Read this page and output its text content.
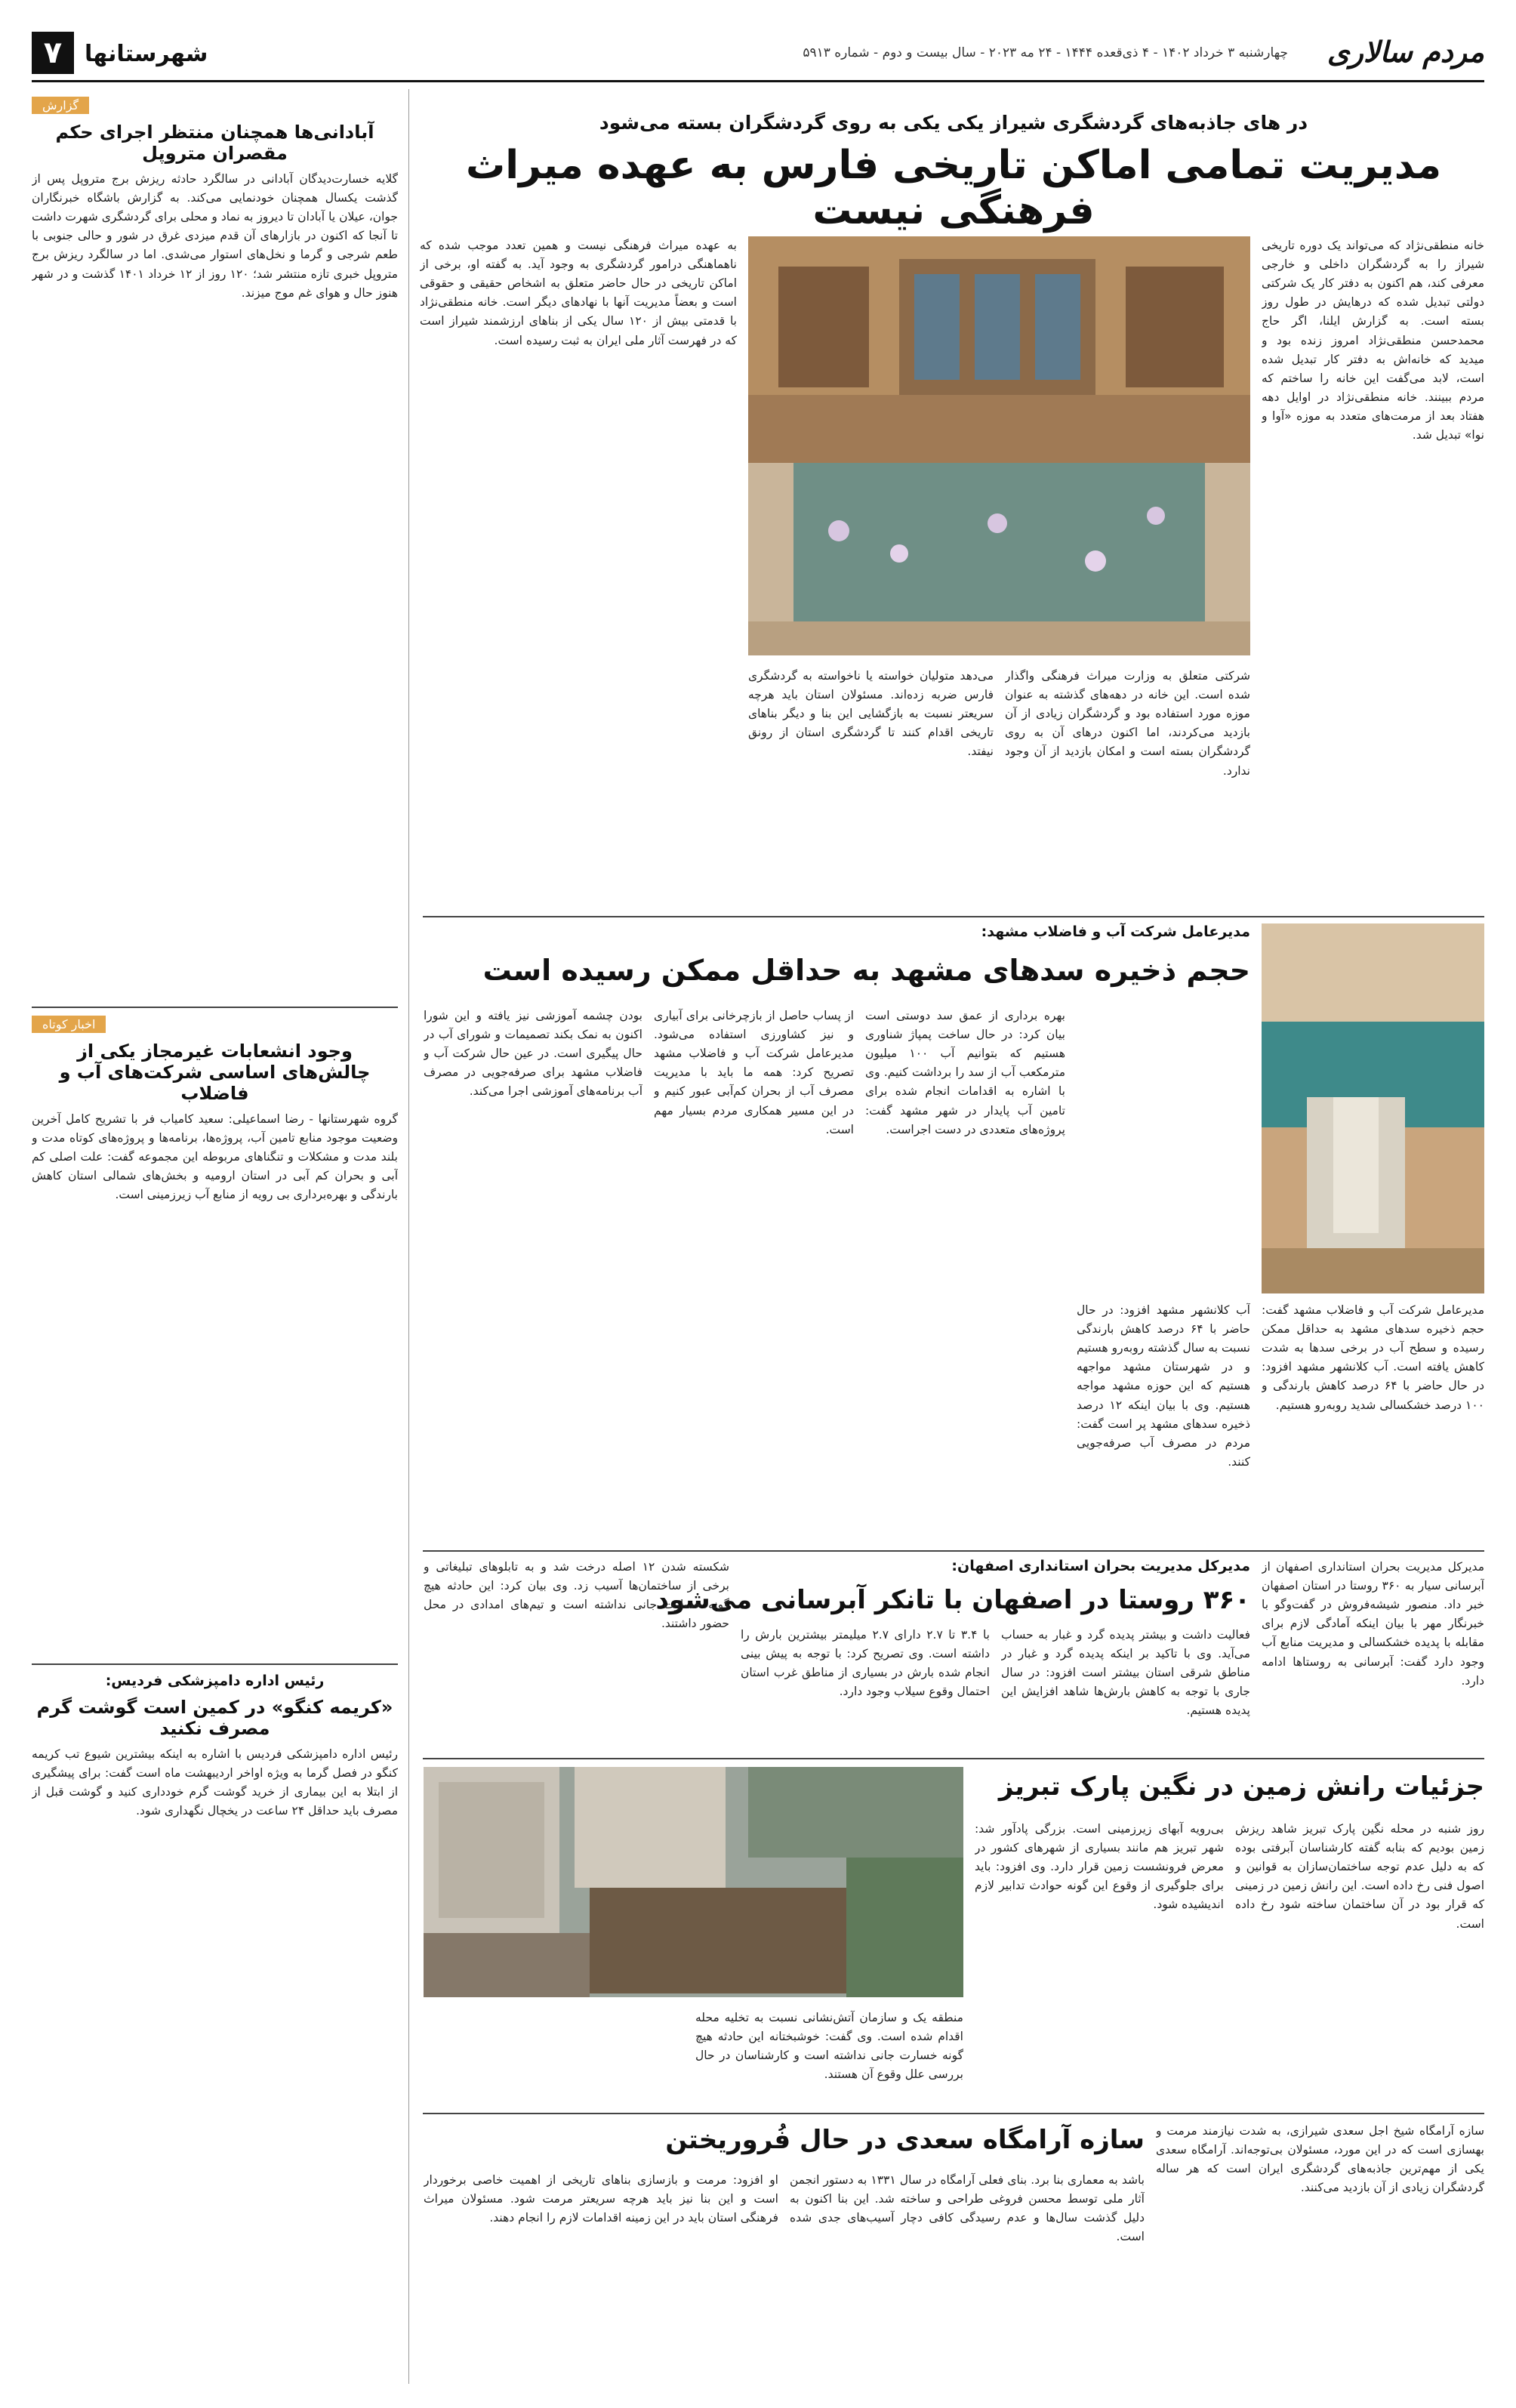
مردم سالاری
چهارشنبه ۳ خرداد ۱۴۰۲ - ۴ ذی‌قعده ۱۴۴۴ - ۲۴ مه ۲۰۲۳ - سال بیست و دوم - شماره ۵۹۱۳
شهرستانها
۷
گزارش
آبادانی‌ها همچنان منتظر اجرای حکم مقصران متروپل
گلایه خسارت‌دیدگان آبادانی در سالگرد حادثه ریزش برج متروپل پس از گذشت یکسال همچنان خودنمایی می‌کند. به گزارش باشگاه خبرنگاران جوان، عیلان یا آبادان تا دیروز به نماد و محلی برای گردشگری شهرت داشت تا آنجا که اکنون در بازارهای آن قدم میزدی غرق در شور و حالی جنوبی با طعم شرجی و گرما و نخل‌های استوار می‌شدی. اما در سالگرد ریزش برج متروپل خبری تازه منتشر شد؛ ۱۲۰ روز از ۱۲ خرداد ۱۴۰۱ گذشت و در شهر هنوز حال و هوای غم موج میزند.
اخبار کوتاه
وجود انشعابات غیرمجاز یکی از چالش‌های اساسی شرکت‌های آب و فاضلاب
گروه شهرستانها - رضا اسماعیلی: سعید کامیاب فر با تشریح کامل آخرین وضعیت موجود منابع تامین آب، پروژه‌ها، برنامه‌ها و پروژه‌های کوتاه مدت و بلند مدت و مشکلات و تنگناهای مربوطه این مجموعه گفت: علت اصلی کم آبی و بحران کم آبی در استان ارومیه و بخش‌های شمالی استان کاهش بارندگی و بهره‌برداری بی رویه از منابع آب زیرزمینی است.
رئیس اداره دامپزشکی فردیس:
«کریمه کنگو» در کمین است گوشت گرم مصرف نکنید
رئیس اداره دامپزشکی فردیس با اشاره به اینکه بیشترین شیوع تب کریمه کنگو در فصل گرما به ویژه اواخر اردیبهشت ماه است گفت: برای پیشگیری از ابتلا به این بیماری از خرید گوشت گرم خودداری کنید و گوشت قبل از مصرف باید حداقل ۲۴ ساعت در یخچال نگهداری شود.
در های جاذبه‌های گردشگری شیراز یکی یکی به روی گردشگران بسته می‌شود
مدیریت تمامی اماکن تاریخی فارس به عهده میراث فرهنگی نیست
خانه منطقی‌نژاد که می‌تواند یک دوره تاریخی شیراز را به گردشگران داخلی و خارجی معرفی کند، هم اکنون به دفتر کار یک شرکتی دولتی تبدیل شده که درهایش در طول روز بسته است. به گزارش ایلنا، اگر حاج محمدحسن منطقی‌نژاد امروز زنده بود و میدید که خانه‌اش به دفتر کار تبدیل شده است، لابد می‌گفت این خانه را ساختم که مردم ببینند. خانه منطقی‌نژاد در اوایل دهه هفتاد بعد از مرمت‌های متعدد به موزه «آوا و نوا» تبدیل شد.
به عهده میراث فرهنگی نیست و همین تعدد موجب شده که ناهماهنگی درامور گردشگری به وجود آید. به گفته او، برخی از اماکن تاریخی در حال حاضر متعلق به اشخاص حقیقی و حقوقی است و بعضاً مدیریت آنها با نهادهای دیگر است. خانه منطقی‌نژاد با قدمتی بیش از ۱۲۰ سال یکی از بناهای ارزشمند شیراز است که در فهرست آثار ملی ایران به ثبت رسیده است.
شرکتی متعلق به وزارت میراث فرهنگی واگذار شده است. این خانه در دهه‌های گذشته به عنوان موزه مورد استفاده بود و گردشگران زیادی از آن بازدید می‌کردند، اما اکنون درهای آن به روی گردشگران بسته است و امکان بازدید از آن وجود ندارد.
می‌دهد متولیان خواسته یا ناخواسته به گردشگری فارس ضربه زده‌اند. مسئولان استان باید هرچه سریعتر نسبت به بازگشایی این بنا و دیگر بناهای تاریخی اقدام کنند تا گردشگری استان از رونق نیفتد.
مدیرعامل شرکت آب و فاضلاب مشهد:
حجم ذخیره سدهای مشهد به حداقل ممکن رسیده است
مدیرعامل شرکت آب و فاضلاب مشهد گفت: حجم ذخیره سدهای مشهد به حداقل ممکن رسیده و سطح آب در برخی سدها به شدت کاهش یافته است. آب کلانشهر مشهد افزود: در حال حاضر با ۶۴ درصد کاهش بارندگی و ۱۰۰ درصد خشکسالی شدید روبه‌رو هستیم.
آب کلانشهر مشهد افزود: در حال حاضر با ۶۴ درصد کاهش بارندگی نسبت به سال گذشته روبه‌رو هستیم و در شهرستان مشهد مواجهه هستیم که این حوزه مشهد مواجه هستیم. وی با بیان اینکه ۱۲ درصد ذخیره سدهای مشهد پر است گفت: مردم در مصرف آب صرفه‌جویی کنند.
بهره برداری از عمق سد دوستی است بیان کرد: در حال ساخت پمپاژ شناوری هستیم که بتوانیم آب ۱۰۰ میلیون مترمکعب آب از سد را برداشت کنیم. وی با اشاره به اقدامات انجام شده برای تامین آب پایدار در شهر مشهد گفت: پروژه‌های متعددی در دست اجراست.
از پساب حاصل از بازچرخانی برای آبیاری و نیز کشاورزی استفاده می‌شود. مدیرعامل شرکت آب و فاضلاب مشهد تصریح کرد: همه ما باید با مدیریت مصرف آب از بحران کم‌آبی عبور کنیم و در این مسیر همکاری مردم بسیار مهم است.
بودن چشمه آموزشی نیز یافته و این شورا اکنون به نمک بکند تصمیمات و شورای آب در حال پیگیری است. در عین حال شرکت آب و فاضلاب مشهد برای صرفه‌جویی در مصرف آب برنامه‌های آموزشی اجرا می‌کند.
مدیرکل مدیریت بحران استانداری اصفهان:
۳۶۰ روستا در اصفهان با تانکر آبرسانی می‌شود
مدیرکل مدیریت بحران استانداری اصفهان از آبرسانی سیار به ۳۶۰ روستا در استان اصفهان خبر داد. منصور شیشه‌فروش در گفت‌وگو با خبرنگار مهر با بیان اینکه آمادگی لازم برای مقابله با پدیده خشکسالی و مدیریت منابع آب وجود دارد گفت: آبرسانی به روستاها ادامه دارد.
فعالیت داشت و بیشتر پدیده گرد و غبار به حساب می‌آید. وی با تاکید بر اینکه پدیده گرد و غبار در مناطق شرقی استان بیشتر است افزود: در سال جاری با توجه به کاهش بارش‌ها شاهد افزایش این پدیده هستیم.
با ۳.۴ تا ۲.۷ دارای ۲.۷ میلیمتر بیشترین بارش را داشته است. وی تصریح کرد: با توجه به پیش بینی انجام شده بارش در بسیاری از مناطق غرب استان احتمال وقوع سیلاب وجود دارد.
شکسته شدن ۱۲ اصله درخت شد و به تابلوهای تبلیغاتی و برخی از ساختمان‌ها آسیب زد. وی بیان کرد: این حادثه هیچ گونه خسارت جانی نداشته است و تیم‌های امدادی در محل حضور داشتند.
جزئیات رانش زمین در نگین پارک تبریز
روز شنبه در محله نگین پارک تبریز شاهد ریزش زمین بودیم که بنابه گفته کارشناسان آبرفتی بوده که به دلیل عدم توجه ساختمان‌سازان به قوانین و اصول فنی رخ داده است. این رانش زمین در زمینی که قرار بود در آن ساختمان ساخته شود رخ داده است.
بی‌رویه آبهای زیرزمینی است. بزرگی پادآور شد: شهر تبریز هم مانند بسیاری از شهرهای کشور در معرض فرونشست زمین قرار دارد. وی افزود: باید برای جلوگیری از وقوع این گونه حوادث تدابیر لازم اندیشیده شود.
منطقه یک و سازمان آتش‌نشانی نسبت به تخلیه محله اقدام شده است. وی گفت: خوشبختانه این حادثه هیچ گونه خسارت جانی نداشته است و کارشناسان در حال بررسی علل وقوع آن هستند.
سازه آرامگاه سعدی در حال فُروریختن سازه آرامگاه شیخ اجل سعدی شیرازی، به شدت نیازمند مرمت و بهسازی است که در این مورد، مسئولان بی‌توجه‌اند. آرامگاه سعدی یکی از مهم‌ترین جاذبه‌های گردشگری ایران است که هر ساله گردشگران زیادی از آن بازدید می‌کنند.
باشد به معماری بنا برد. بنای فعلی آرامگاه در سال ۱۳۳۱ به دستور انجمن آثار ملی توسط محسن فروغی طراحی و ساخته شد. این بنا اکنون به دلیل گذشت سال‌ها و عدم رسیدگی کافی دچار آسیب‌های جدی شده است.
او افزود: مرمت و بازسازی بناهای تاریخی از اهمیت خاصی برخوردار است و این بنا نیز باید هرچه سریعتر مرمت شود. مسئولان میراث فرهنگی استان باید در این زمینه اقدامات لازم را انجام دهند.
